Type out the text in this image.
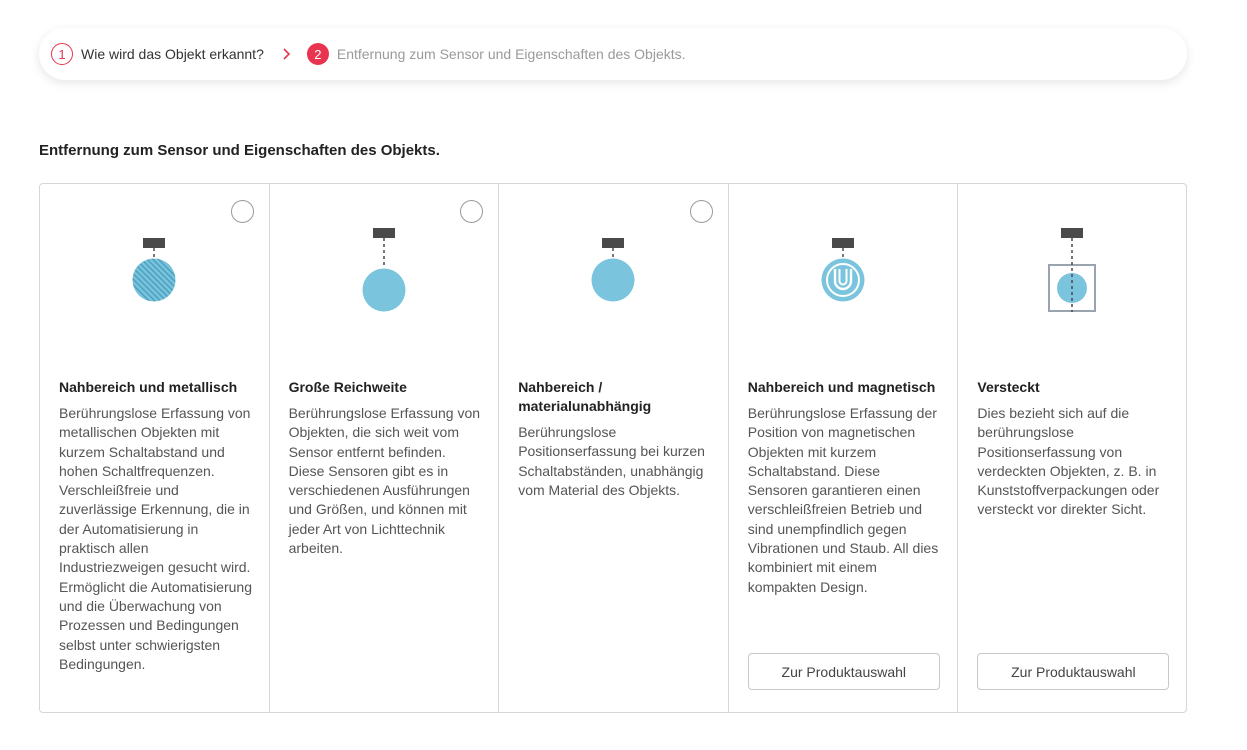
1	Wie wird das Objekt erkannt?	2	Entfernung zum Sensor und Eigenschaften des Objekts.
Entfernung zum Sensor und Eigenschaften des Objekts.
Nahbereich und metallisch

Berührungslose Erfassung von metallischen Objekten mit kurzem Schaltabstand und hohen Schaltfrequenzen. Verschleißfreie und zuverlässige Erkennung, die in der Automatisierung in praktisch allen Industriezweigen gesucht wird. Ermöglicht die Automatisierung und die Überwachung von Prozessen und Bedingungen selbst unter schwierigsten Bedingungen.

Große Reichweite

Berührungslose Erfassung von Objekten, die sich weit vom Sensor entfernt befinden. Diese Sensoren gibt es in verschiedenen Ausführungen und Größen, und können mit jeder Art von Lichttechnik arbeiten.

Nahbereich / materialunabhängig

Berührungslose Positionserfassung bei kurzen Schaltabständen, unabhängig vom Material des Objekts.

Nahbereich und magnetisch

Berührungslose Erfassung der Position von magnetischen Objekten mit kurzem Schaltabstand. Diese Sensoren garantieren einen verschleißfreien Betrieb und sind unempfindlich gegen Vibrationen und Staub. All dies kombiniert mit einem kompakten Design.

Zur Produktauswahl
Versteckt

Dies bezieht sich auf die berührungslose Positionserfassung von verdeckten Objekten, z. B. in Kunststoffverpackungen oder versteckt vor direkter Sicht.

Zur Produktauswahl
